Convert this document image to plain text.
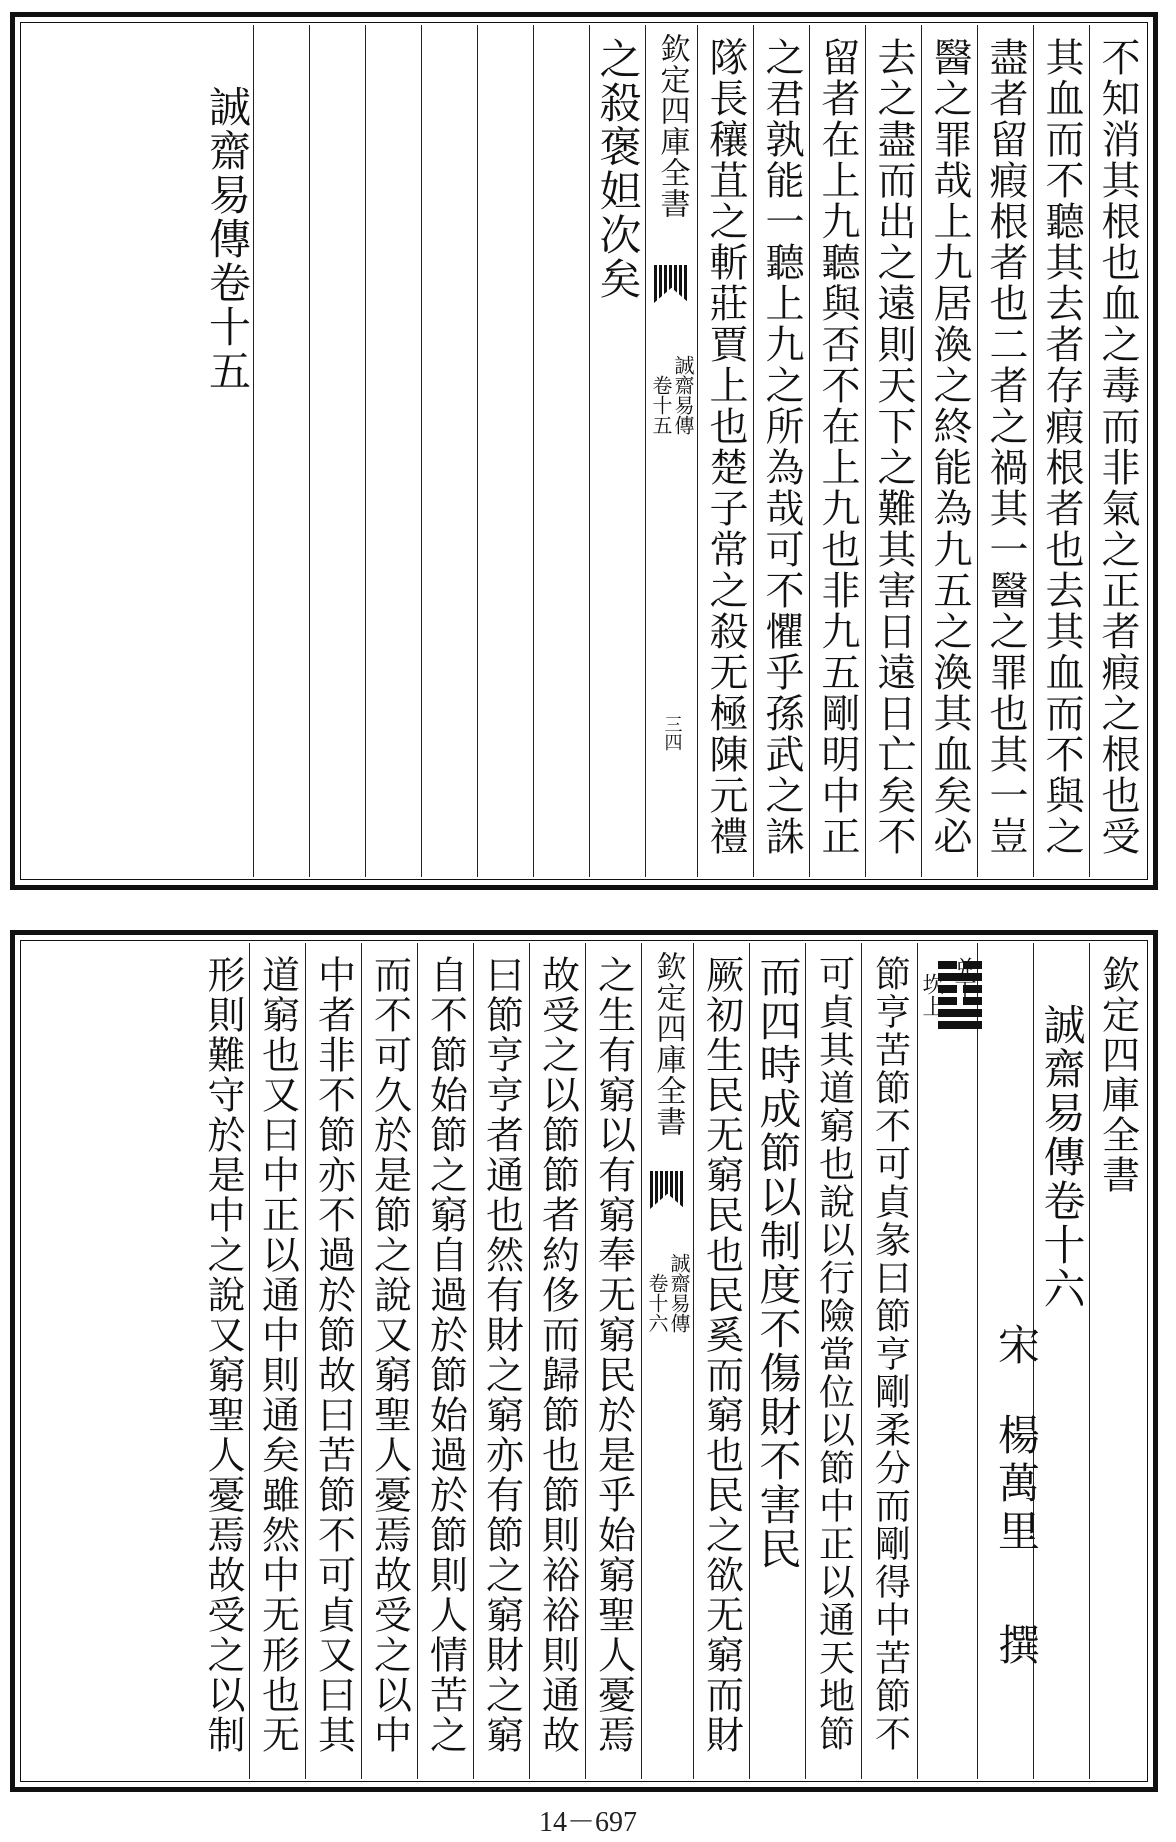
不知消其根也血之毒而非氣之正者瘕之根也受
其血而不聽其去者存瘕根者也去其血而不與之
盡者留瘕根者也二者之禍其一醫之罪也其一豈
醫之罪哉上九居渙之終能為九五之渙其血矣必
去之盡而出之遠則天下之難其害日遠日亡矣不
留者在上九聽與否不在上九也非九五剛明中正
之君孰能一聽上九之所為哉可不懼乎孫武之誅
隊長穰苴之斬莊賈上也楚子常之殺无極陳元禮
欽定四庫全書
誠齋易傳
卷十五
三四
之殺褒妲次矣
誠齋易傳卷十五
欽定四庫全書
誠齋易傳卷十六
宋
楊萬里
撰
兑下
坎上
節亨苦節不可貞彖曰節亨剛柔分而剛得中苦節不
可貞其道窮也說以行險當位以節中正以通天地節
而四時成節以制度不傷財不害民
厥初生民无窮民也民奚而窮也民之欲无窮而財
欽定四庫全書
誠齋易傳
卷十六
之生有窮以有窮奉无窮民於是乎始窮聖人憂焉
故受之以節節者約侈而歸節也節則裕裕則通故
曰節亨亨者通也然有財之窮亦有節之窮財之窮
自不節始節之窮自過於節始過於節則人情苦之
而不可久於是節之說又窮聖人憂焉故受之以中
中者非不節亦不過於節故曰苦節不可貞又曰其
道窮也又曰中正以通中則通矣雖然中无形也无
形則難守於是中之說又窮聖人憂焉故受之以制
14－697
